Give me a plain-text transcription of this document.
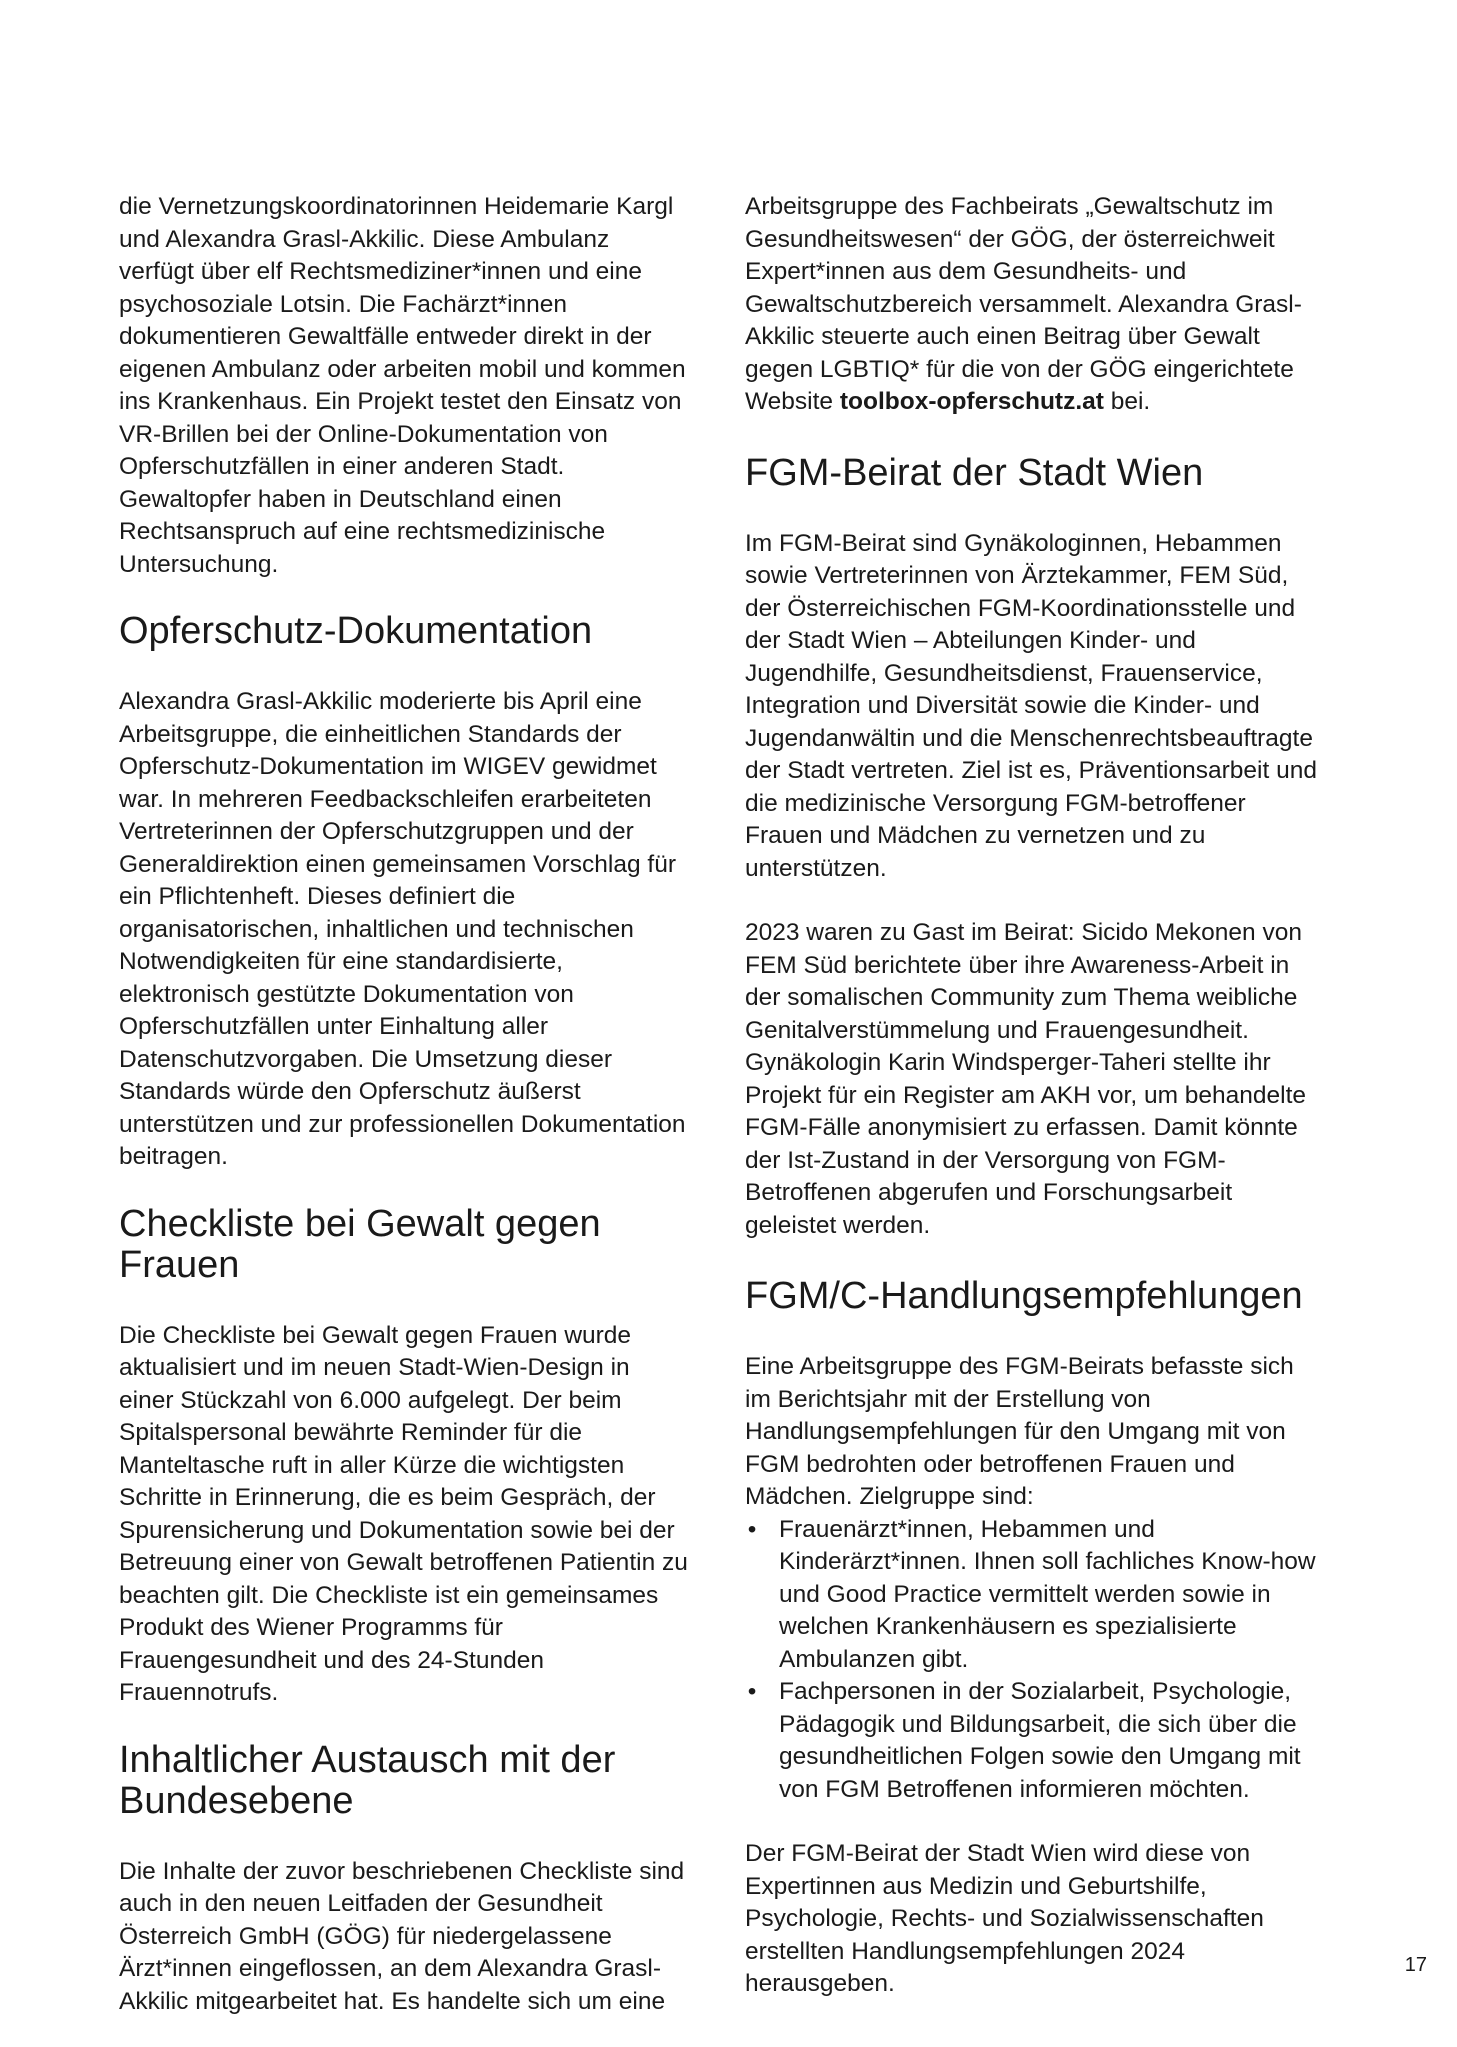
die Vernetzungskoordinatorinnen Heidemarie Kargl und Alexandra Grasl-Akkilic. Diese Ambulanz verfügt über elf Rechtsmediziner*innen und eine psychosoziale Lotsin. Die Fachärzt*innen dokumentieren Gewaltfälle entweder direkt in der eigenen Ambulanz oder arbeiten mobil und kommen ins Krankenhaus. Ein Projekt testet den Einsatz von VR-Brillen bei der Online-Dokumentation von Opferschutzfällen in einer anderen Stadt. Gewaltopfer haben in Deutschland einen Rechtsanspruch auf eine rechtsmedizinische Untersuchung.

Opferschutz-Dokumentation

Alexandra Grasl-Akkilic moderierte bis April eine Arbeitsgruppe, die einheitlichen Standards der Opferschutz-Dokumentation im WIGEV gewidmet war. In mehreren Feedbackschleifen erarbeiteten Vertreterinnen der Opferschutzgruppen und der Generaldirektion einen gemeinsamen Vorschlag für ein Pflichtenheft. Dieses definiert die organisatorischen, inhaltlichen und technischen Notwendigkeiten für eine standardisierte, elektronisch gestützte Dokumentation von Opferschutzfällen unter Einhaltung aller Datenschutzvorgaben. Die Umsetzung dieser Standards würde den Opferschutz äußerst unterstützen und zur professionellen Dokumentation beitragen.

Checkliste bei Gewalt gegen Frauen

Die Checkliste bei Gewalt gegen Frauen wurde aktualisiert und im neuen Stadt-Wien-Design in einer Stückzahl von 6.000 aufgelegt. Der beim Spitalspersonal bewährte Reminder für die Manteltasche ruft in aller Kürze die wichtigsten Schritte in Erinnerung, die es beim Gespräch, der Spurensicherung und Dokumentation sowie bei der Betreuung einer von Gewalt betroffenen Patientin zu beachten gilt. Die Checkliste ist ein gemeinsames Produkt des Wiener Programms für Frauengesundheit und des 24-Stunden Frauennotrufs.

Inhaltlicher Austausch mit der Bundesebene

Die Inhalte der zuvor beschriebenen Checkliste sind auch in den neuen Leitfaden der Gesundheit Österreich GmbH (GÖG) für niedergelassene Ärzt*innen eingeflossen, an dem Alexandra Grasl-Akkilic mitgearbeitet hat. Es handelte sich um eine

Arbeitsgruppe des Fachbeirats „Gewaltschutz im Gesundheitswesen“ der GÖG, der österreichweit Expert*innen aus dem Gesundheits- und Gewaltschutzbereich versammelt. Alexandra Grasl-Akkilic steuerte auch einen Beitrag über Gewalt gegen LGBTIQ* für die von der GÖG eingerichtete Website toolbox-opferschutz.at bei.

FGM-Beirat der Stadt Wien

Im FGM-Beirat sind Gynäkologinnen, Hebammen sowie Vertreterinnen von Ärztekammer, FEM Süd, der Österreichischen FGM-Koordinationsstelle und der Stadt Wien – Abteilungen Kinder- und Jugendhilfe, Gesundheitsdienst, Frauenservice, Integration und Diversität sowie die Kinder- und Jugendanwältin und die Menschenrechtsbeauftragte der Stadt vertreten. Ziel ist es, Präventionsarbeit und die medizinische Versorgung FGM-betroffener Frauen und Mädchen zu vernetzen und zu unterstützen.

2023 waren zu Gast im Beirat: Sicido Mekonen von FEM Süd berichtete über ihre Awareness-Arbeit in der somalischen Community zum Thema weibliche Genitalverstümmelung und Frauengesundheit. Gynäkologin Karin Windsperger-Taheri stellte ihr Projekt für ein Register am AKH vor, um behandelte FGM-Fälle anonymisiert zu erfassen. Damit könnte der Ist-Zustand in der Versorgung von FGM-Betroffenen abgerufen und Forschungsarbeit geleistet werden.

FGM/C-Handlungsempfehlungen

Eine Arbeitsgruppe des FGM-Beirats befasste sich im Berichtsjahr mit der Erstellung von Handlungsempfehlungen für den Umgang mit von FGM bedrohten oder betroffenen Frauen und Mädchen. Zielgruppe sind:

• Frauenärzt*innen, Hebammen und Kinderärzt*innen. Ihnen soll fachliches Know-how und Good Practice vermittelt werden sowie in welchen Krankenhäusern es spezialisierte Ambulanzen gibt.
• Fachpersonen in der Sozialarbeit, Psychologie, Pädagogik und Bildungsarbeit, die sich über die gesundheitlichen Folgen sowie den Umgang mit von FGM Betroffenen informieren möchten.

Der FGM-Beirat der Stadt Wien wird diese von Expertinnen aus Medizin und Geburtshilfe, Psychologie, Rechts- und Sozialwissenschaften erstellten Handlungsempfehlungen 2024 herausgeben.

17
